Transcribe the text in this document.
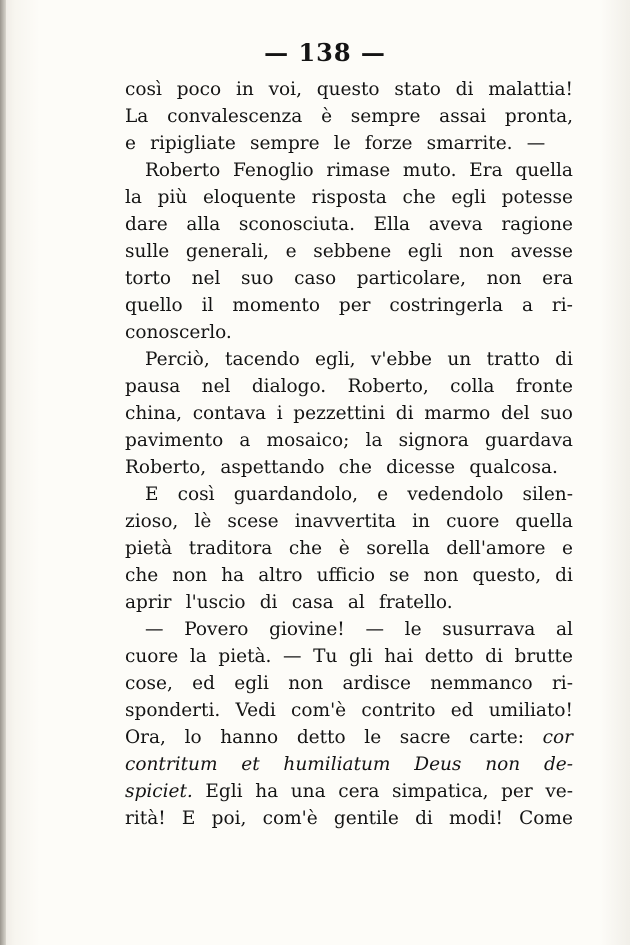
— 138 —
così poco in voi, questo stato di malattia!
La convalescenza è sempre assai pronta,
e ripigliate sempre le forze smarrite. —
Roberto Fenoglio rimase muto. Era quella
la più eloquente risposta che egli potesse
dare alla sconosciuta. Ella aveva ragione
sulle generali, e sebbene egli non avesse
torto nel suo caso particolare, non era
quello il momento per costringerla a ri-
conoscerlo.
Perciò, tacendo egli, v'ebbe un tratto di
pausa nel dialogo. Roberto, colla fronte
china, contava i pezzettini di marmo del suo
pavimento a mosaico; la signora guardava
Roberto, aspettando che dicesse qualcosa.
E così guardandolo, e vedendolo silen-
zioso, lè scese inavvertita in cuore quella
pietà traditora che è sorella dell'amore e
che non ha altro ufficio se non questo, di
aprir l'uscio di casa al fratello.
— Povero giovine! — le susurrava al
cuore la pietà. — Tu gli hai detto di brutte
cose, ed egli non ardisce nemmanco ri-
sponderti. Vedi com'è contrito ed umiliato!
Ora, lo hanno detto le sacre carte: cor
contritum et humiliatum Deus non de-
spiciet. Egli ha una cera simpatica, per ve-
rità! E poi, com'è gentile di modi! Come
